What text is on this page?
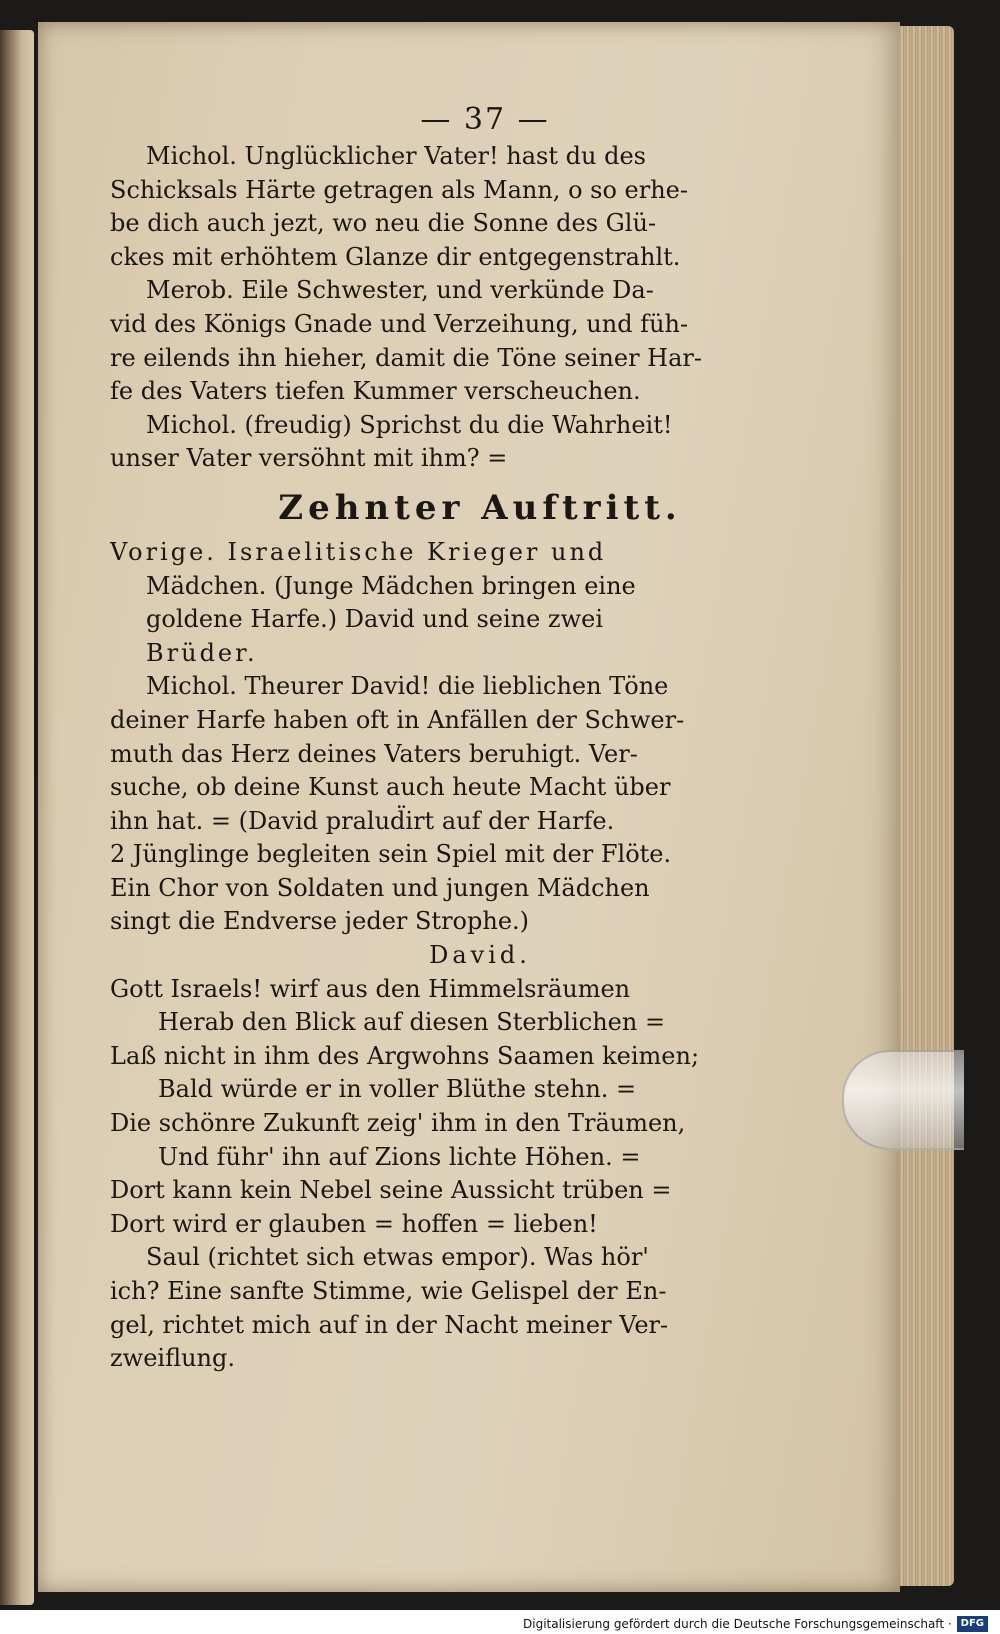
— 37 —
Michol. Unglücklicher Vater! hast du des
Schicksals Härte getragen als Mann, o so erhe-
be dich auch jezt, wo neu die Sonne des Glü-
ckes mit erhöhtem Glanze dir entgegenstrahlt.
Merob. Eile Schwester, und verkünde Da-
vid des Königs Gnade und Verzeihung, und füh-
re eilends ihn hieher, damit die Töne seiner Har-
fe des Vaters tiefen Kummer verscheuchen.
Michol. (freudig) Sprichst du die Wahrheit!
unser Vater versöhnt mit ihm? =
Zehnter Auftritt.
Vorige. Israelitische Krieger und
Mädchen. (Junge Mädchen bringen eine
goldene Harfe.) David und seine zwei
Brüder.
Michol. Theurer David! die lieblichen Töne
deiner Harfe haben oft in Anfällen der Schwer-
muth das Herz deines Vaters beruhigt. Ver-
suche, ob deine Kunst auch heute Macht über
ihn hat. = (David pralud̈irt auf der Harfe.
2 Jünglinge begleiten sein Spiel mit der Flöte.
Ein Chor von Soldaten und jungen Mädchen
singt die Endverse jeder Strophe.)
David.
Gott Israels! wirf aus den Himmelsräumen
Herab den Blick auf diesen Sterblichen =
Laß nicht in ihm des Argwohns Saamen keimen;
Bald würde er in voller Blüthe stehn. =
Die schönre Zukunft zeig' ihm in den Träumen,
Und führ' ihn auf Zions lichte Höhen. =
Dort kann kein Nebel seine Aussicht trüben =
Dort wird er glauben = hoffen = lieben!
Saul (richtet sich etwas empor). Was hör'
ich? Eine sanfte Stimme, wie Gelispel der En-
gel, richtet mich auf in der Nacht meiner Ver-
zweiflung.
Digitalisierung gefördert durch die Deutsche Forschungsgemeinschaft · DFG
